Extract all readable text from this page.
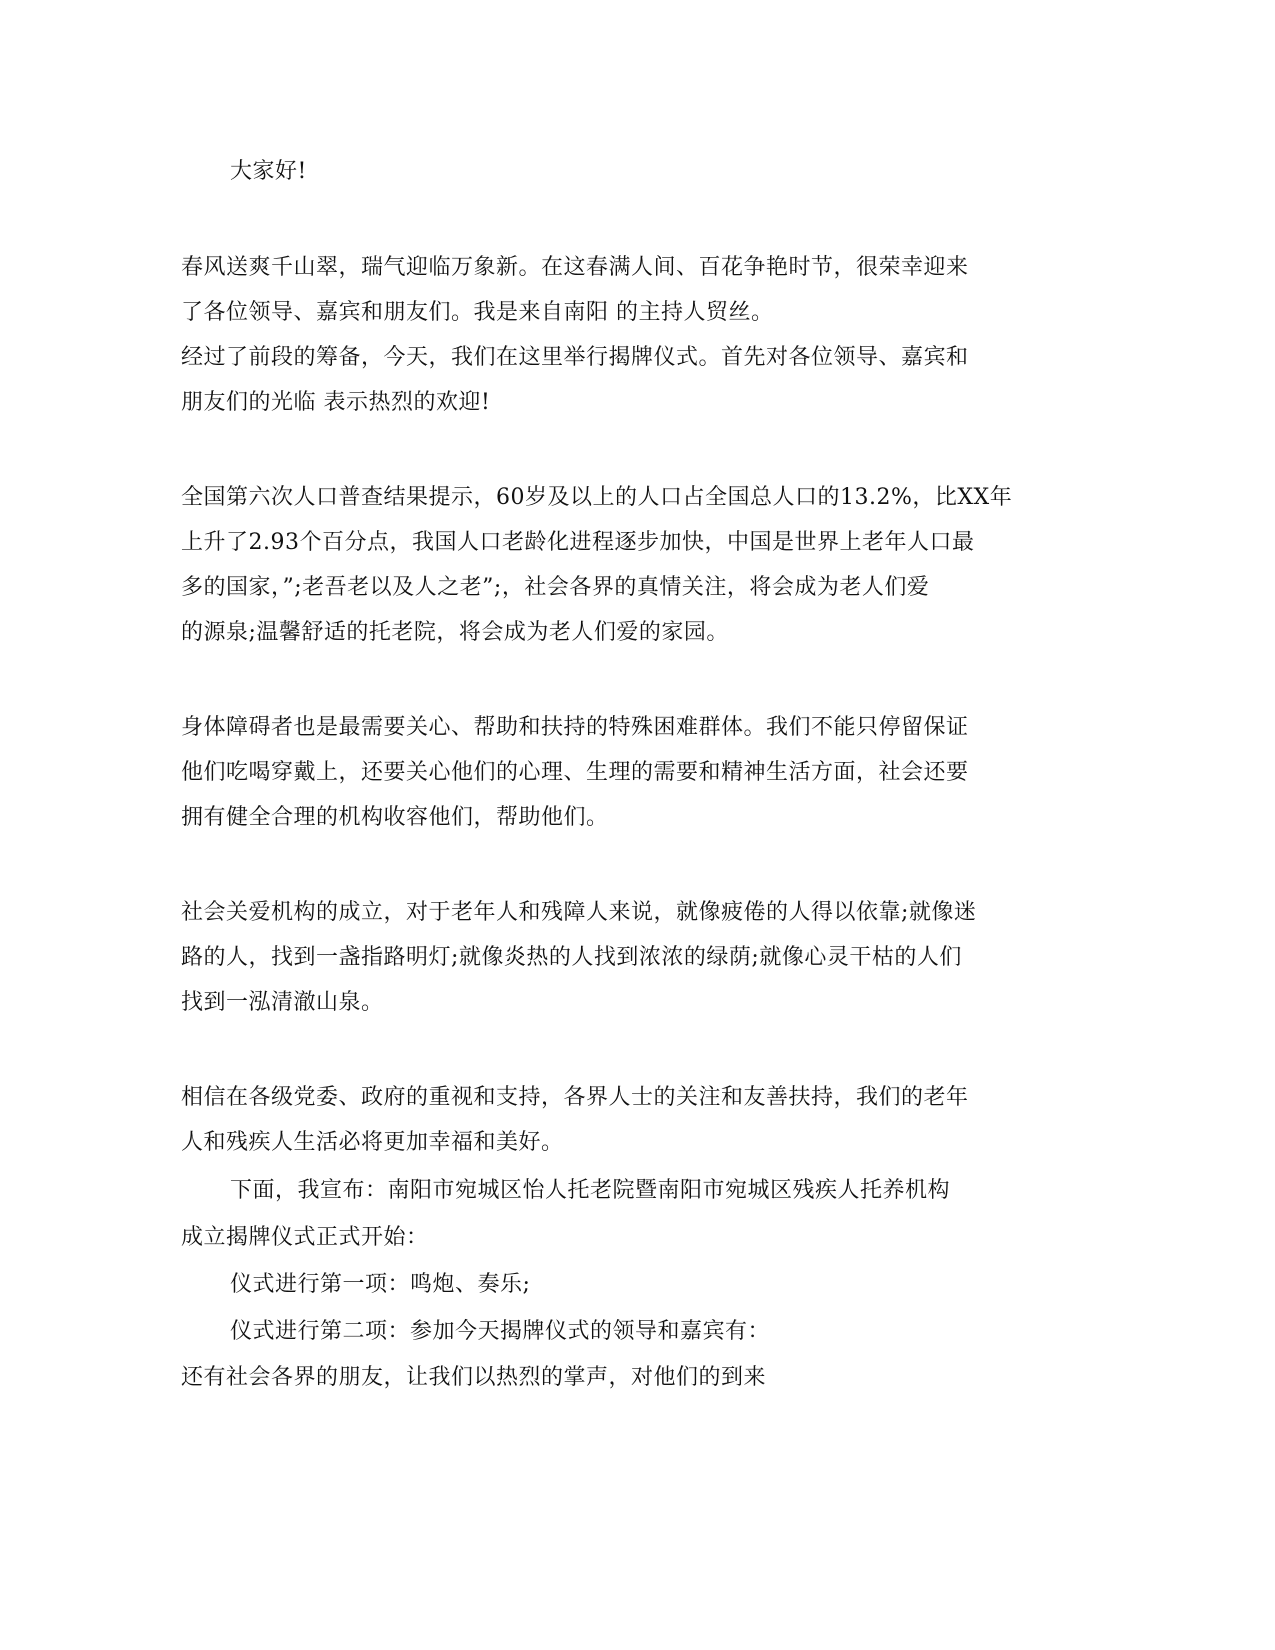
大家好!
春风送爽千山翠，瑞气迎临万象新。在这春满人间、百花争艳时节，很荣幸迎来
了各位领导、嘉宾和朋友们。我是来自南阳 的主持人贸丝。
经过了前段的筹备，今天，我们在这里举行揭牌仪式。首先对各位领导、嘉宾和
朋友们的光临 表示热烈的欢迎!
全国第六次人口普查结果提示，60岁及以上的人口占全国总人口的13.2%，比XX年
上升了2.93个百分点，我国人口老龄化进程逐步加快，中国是世界上老年人口最
多的国家，”;老吾老以及人之老”;，社会各界的真情关注，将会成为老人们爱
的源泉;温馨舒适的托老院，将会成为老人们爱的家园。
身体障碍者也是最需要关心、帮助和扶持的特殊困难群体。我们不能只停留保证
他们吃喝穿戴上，还要关心他们的心理、生理的需要和精神生活方面，社会还要
拥有健全合理的机构收容他们，帮助他们。
社会关爱机构的成立，对于老年人和残障人来说，就像疲倦的人得以依靠;就像迷
路的人，找到一盏指路明灯;就像炎热的人找到浓浓的绿荫;就像心灵干枯的人们
找到一泓清澈山泉。
相信在各级党委、政府的重视和支持，各界人士的关注和友善扶持，我们的老年
人和残疾人生活必将更加幸福和美好。
下面，我宣布：南阳市宛城区怡人托老院暨南阳市宛城区残疾人托养机构
成立揭牌仪式正式开始：
仪式进行第一项：鸣炮、奏乐;
仪式进行第二项：参加今天揭牌仪式的领导和嘉宾有：
还有社会各界的朋友，让我们以热烈的掌声，对他们的到来
